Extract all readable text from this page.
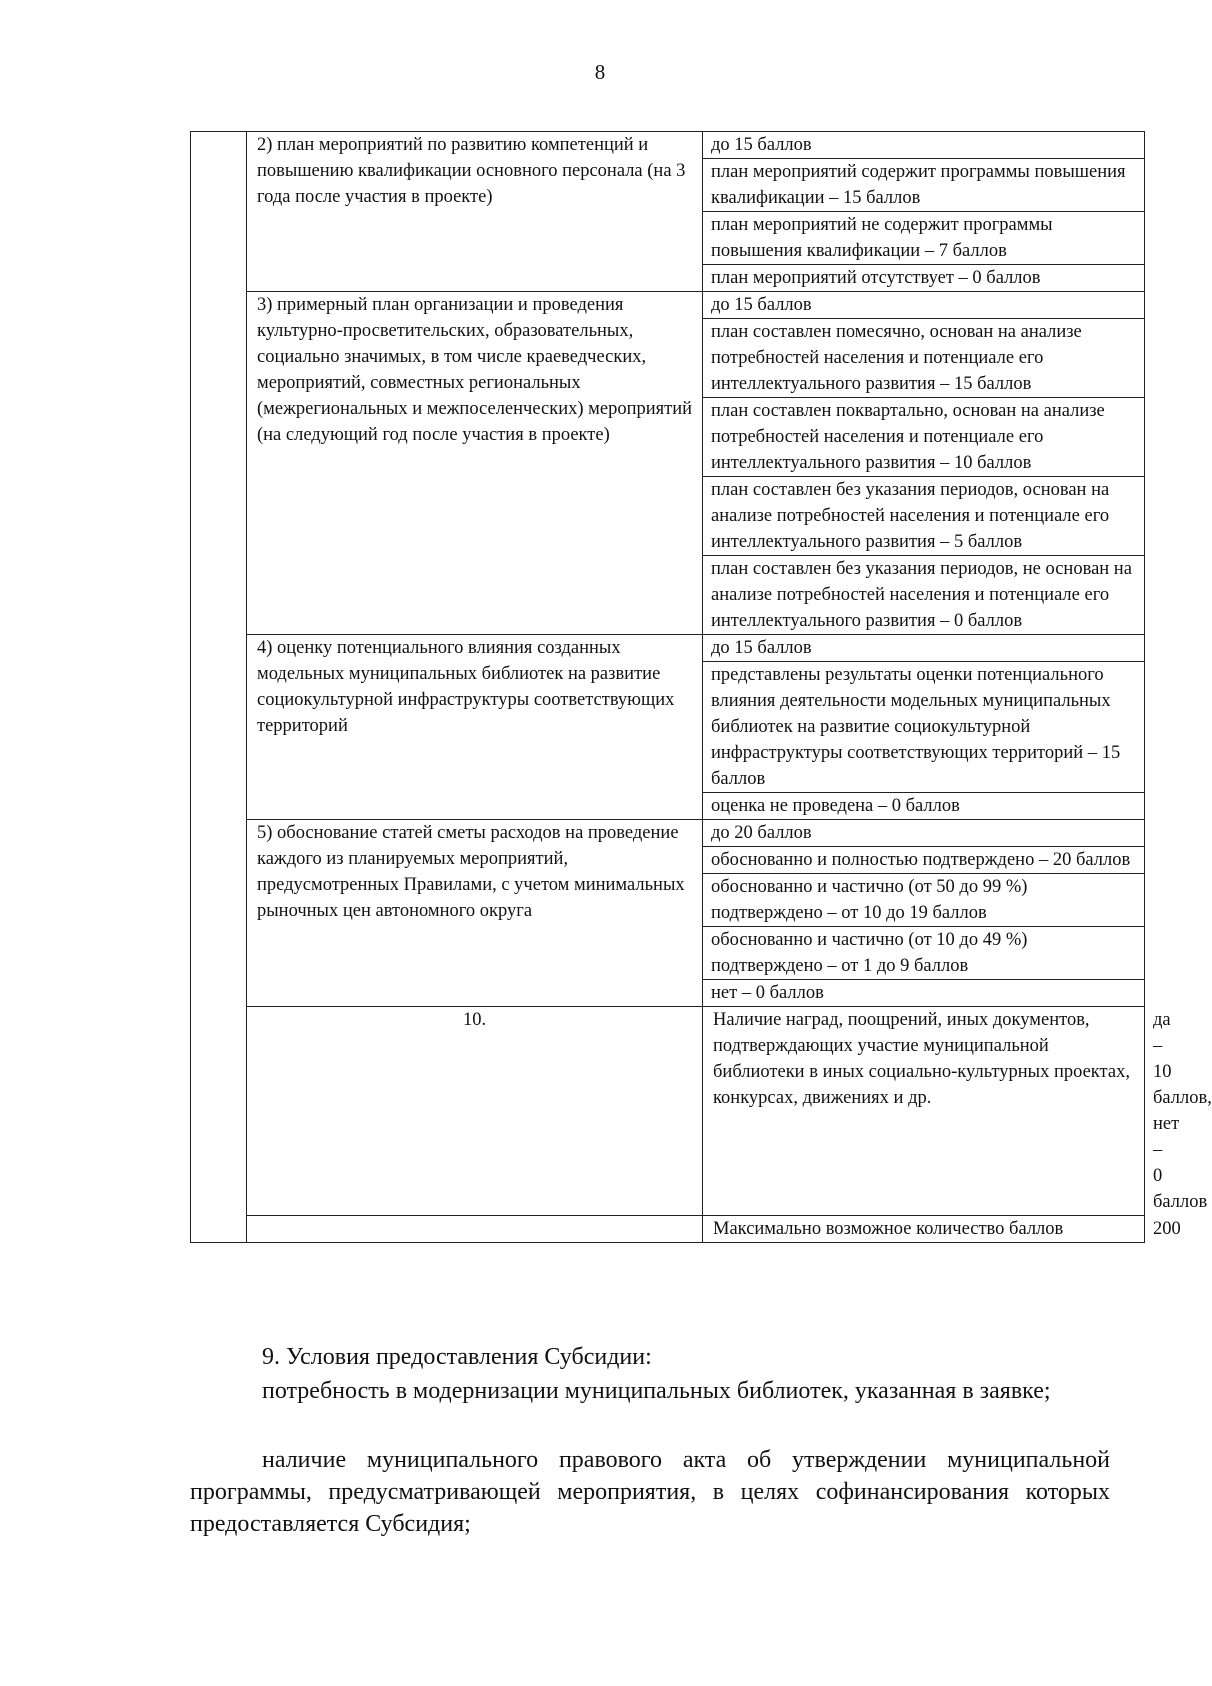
8
	2) план мероприятий по развитию компетенций и повышению квалификации основного персонала (на 3 года после участия в проекте)	до 15 баллов	
		план мероприятий содержит программы повышения квалификации – 15 баллов	
		план мероприятий не содержит программы повышения квалификации – 7 баллов	
		план мероприятий отсутствует – 0 баллов	
	3) примерный план организации и проведения культурно-просветительских, образовательных, социально значимых, в том числе краеведческих, мероприятий, совместных региональных (межрегиональных и межпоселенческих) мероприятий (на следующий год после участия в проекте)	до 15 баллов	
		план составлен помесячно, основан на анализе потребностей населения и потенциале его интеллектуального развития – 15 баллов	
		план составлен поквартально, основан на анализе потребностей населения и потенциале его интеллектуального развития – 10 баллов	
		план составлен без указания периодов, основан на анализе потребностей населения и потенциале его интеллектуального развития – 5 баллов	
		план составлен без указания периодов, не основан на анализе потребностей населения и потенциале его интеллектуального развития – 0 баллов	
	4) оценку потенциального влияния созданных модельных муниципальных библиотек на развитие социокультурной инфраструктуры соответствующих территорий	до 15 баллов	
		представлены результаты оценки потенциального влияния деятельности модельных муниципальных библиотек на развитие социокультурной инфраструктуры соответствующих территорий – 15 баллов	
		оценка не проведена – 0 баллов	
	5) обоснование статей сметы расходов на проведение каждого из планируемых мероприятий, предусмотренных Правилами, с учетом минимальных рыночных цен автономного округа	до 20 баллов	
		обоснованно и полностью подтверждено – 20 баллов	
		обоснованно и частично (от 50 до 99 %) подтверждено – от 10 до 19 баллов	
		обоснованно и частично (от 10 до 49 %) подтверждено – от 1 до 9 баллов	
		нет – 0 баллов	
	10.	Наличие наград, поощрений, иных документов, подтверждающих участие муниципальной библиотеки в иных социально-культурных проектах, конкурсах, движениях и др.	да – 10 баллов,
нет – 0 баллов

		Максимально возможное количество баллов	200
9. Условия предоставления Субсидии:
потребность в модернизации муниципальных библиотек, указанная в заявке;
наличие муниципального правового акта об утверждении муниципальной программы, предусматривающей мероприятия, в целях софинансирования которых предоставляется Субсидия;
